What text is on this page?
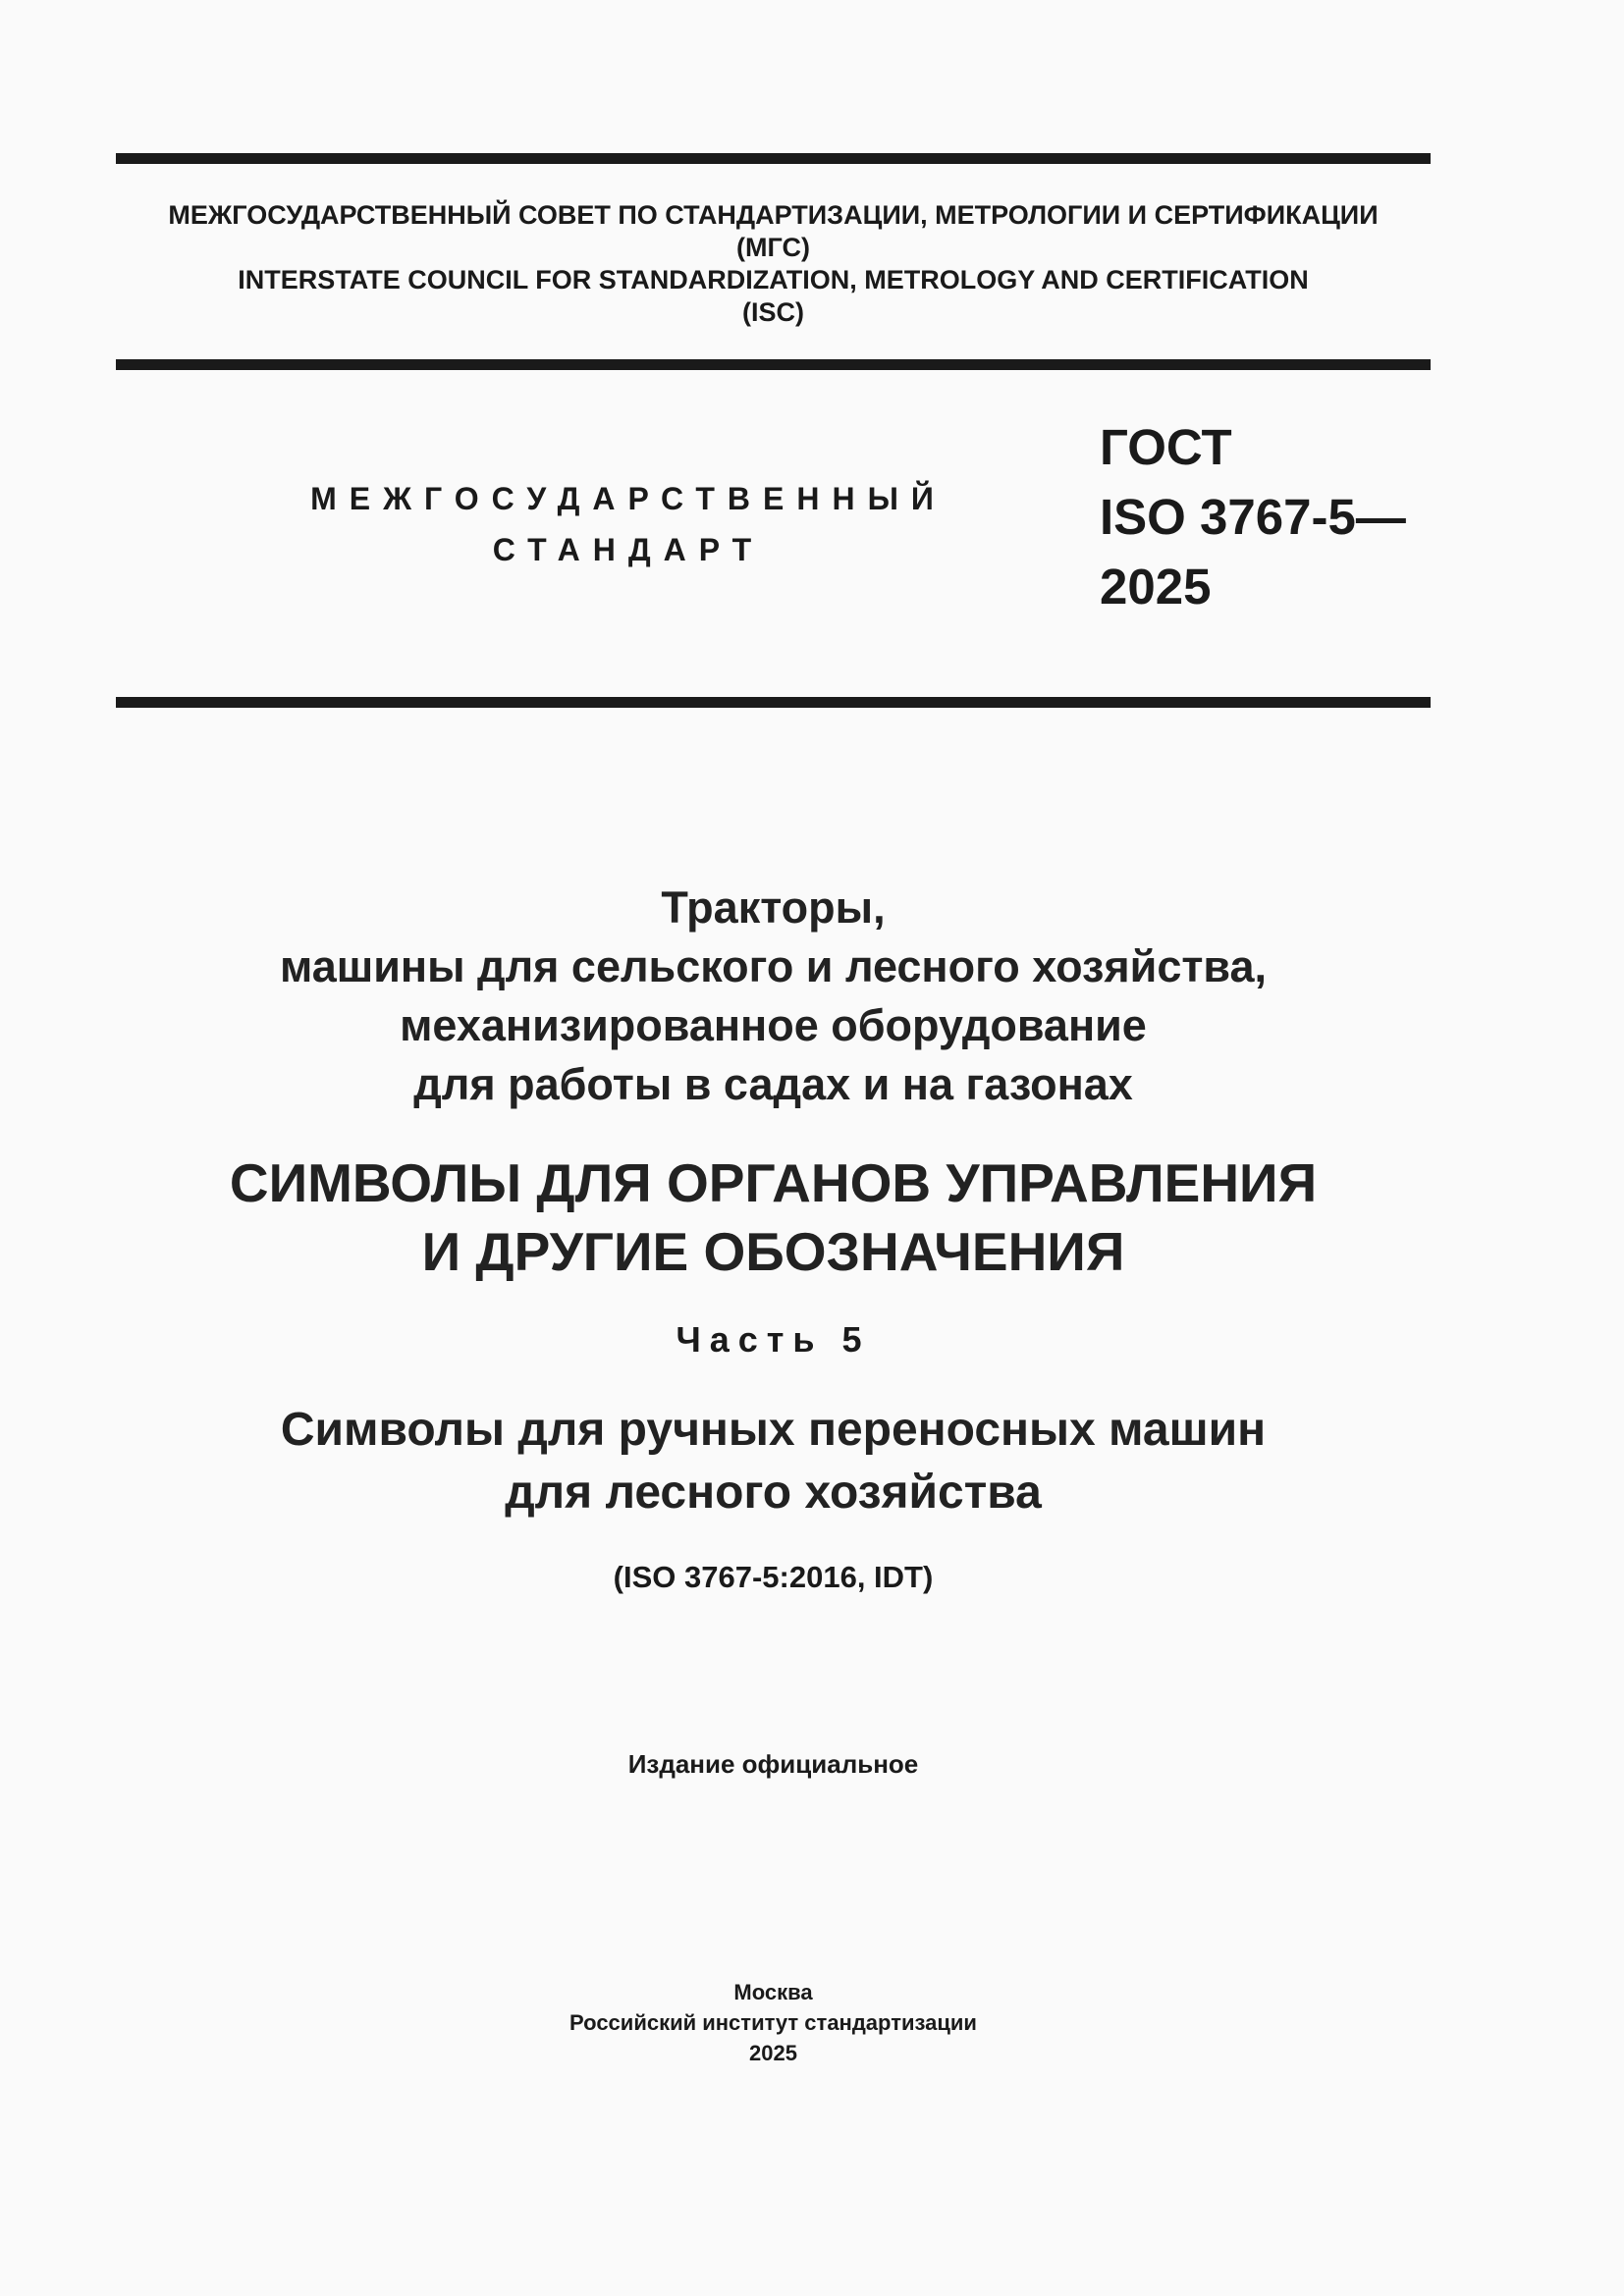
МЕЖГОСУДАРСТВЕННЫЙ СОВЕТ ПО СТАНДАРТИЗАЦИИ, МЕТРОЛОГИИ И СЕРТИФИКАЦИИ
(МГС)
INTERSTATE COUNCIL FOR STANDARDIZATION, METROLOGY AND CERTIFICATION
(ISC)
МЕЖГОСУДАРСТВЕННЫЙ
СТАНДАРТ
ГОСТ
ISO 3767-5—
2025
Тракторы,
машины для сельского и лесного хозяйства,
механизированное оборудование
для работы в садах и на газонах
СИМВОЛЫ ДЛЯ ОРГАНОВ УПРАВЛЕНИЯ
И ДРУГИЕ ОБОЗНАЧЕНИЯ
Часть 5
Символы для ручных переносных машин
для лесного хозяйства
(ISO 3767-5:2016, IDT)
Издание официальное
Москва
Российский институт стандартизации
2025
